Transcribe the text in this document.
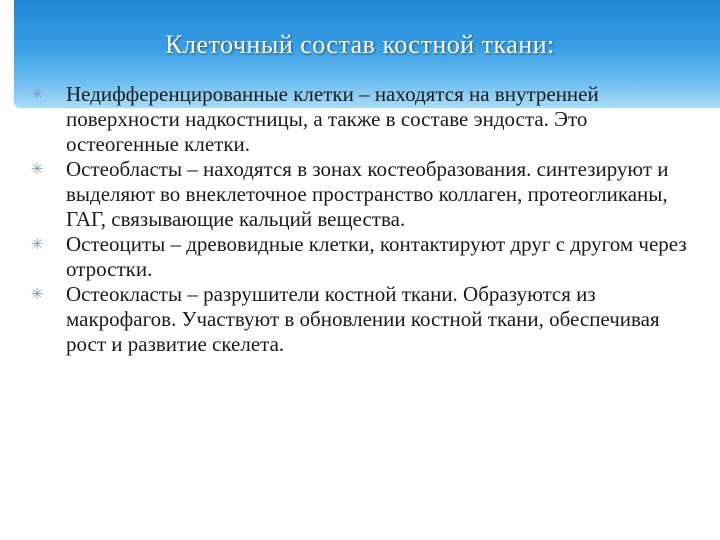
Клеточный состав костной ткани:
✳ Недифференцированные клетки – находятся на внутренней поверхности надкостницы, а также в составе эндоста. Это остеогенные клетки.
✳ Остеобласты – находятся в зонах костеобразования. синтезируют и выделяют во внеклеточное пространство коллаген, протеогликаны, ГАГ, связывающие кальций вещества.
✳ Остеоциты – древовидные клетки, контактируют друг с другом через отростки.
✳ Остеокласты – разрушители костной ткани. Образуются из макрофагов. Участвуют в обновлении костной ткани, обеспечивая рост и развитие скелета.
